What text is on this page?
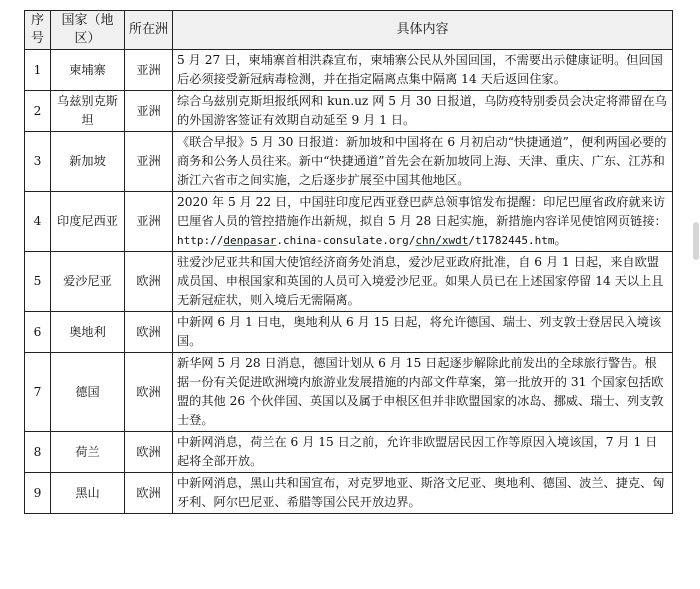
序号	国家（地区）	所在洲	具体内容
1	柬埔寨	亚洲	5 月 27 日，柬埔寨首相洪森宣布，柬埔寨公民从外国回国，不需要出示健康证明。但回国后必须接受新冠病毒检测，并在指定隔离点集中隔离 14 天后返回住家。
2	乌兹别克斯坦	亚洲	综合乌兹别克斯坦报纸网和 kun.uz 网 5 月 30 日报道，乌防疫特别委员会决定将滞留在乌的外国游客签证有效期自动延至 9 月 1 日。
3	新加坡	亚洲	《联合早报》5 月 30 日报道：新加坡和中国将在 6 月初启动“快捷通道”，便利两国必要的商务和公务人员往来。新中“快捷通道”首先会在新加坡同上海、天津、重庆、广东、江苏和浙江六省市之间实施，之后逐步扩展至中国其他地区。
4	印度尼西亚	亚洲	2020 年 5 月 22 日，中国驻印度尼西亚登巴萨总领事馆发布提醒：印尼巴厘省政府就来访巴厘省人员的管控措施作出新规，拟自 5 月 28 日起实施，新措施内容详见使馆网页链接：
http://denpasar.china-consulate.org/chn/xwdt/t1782445.htm。
5	爱沙尼亚	欧洲	驻爱沙尼亚共和国大使馆经济商务处消息，爱沙尼亚政府批准，自 6 月 1 日起，来自欧盟成员国、申根国家和英国的人员可入境爱沙尼亚。如果人员已在上述国家停留 14 天以上且无新冠症状，则入境后无需隔离。
6	奥地利	欧洲	中新网 6 月 1 日电，奥地利从 6 月 15 日起，将允许德国、瑞士、列支敦士登居民入境该国。
7	德国	欧洲	新华网 5 月 28 日消息，德国计划从 6 月 15 日起逐步解除此前发出的全球旅行警告。根据一份有关促进欧洲境内旅游业发展措施的内部文件草案，第一批放开的 31 个国家包括欧盟的其他 26 个伙伴国、英国以及属于申根区但并非欧盟国家的冰岛、挪威、瑞士、列支敦士登。
8	荷兰	欧洲	中新网消息，荷兰在 6 月 15 日之前，允许非欧盟居民因工作等原因入境该国，7 月 1 日起将全部开放。
9	黑山	欧洲	中新网消息，黑山共和国宣布，对克罗地亚、斯洛文尼亚、奥地利、德国、波兰、捷克、匈牙利、阿尔巴尼亚、希腊等国公民开放边界。
